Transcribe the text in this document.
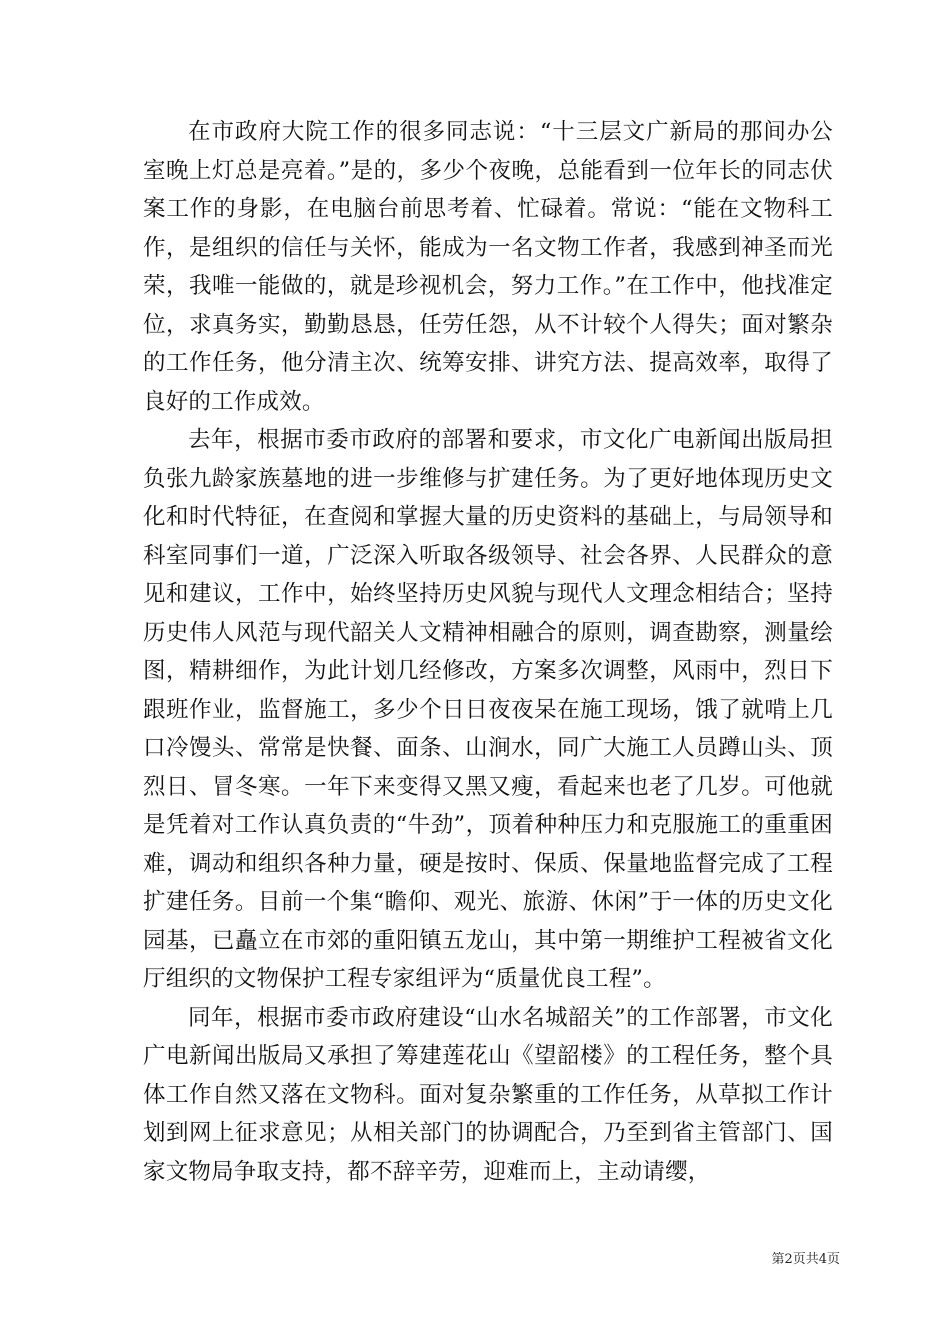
在市政府大院工作的很多同志说：“十三层文广新局的那间办公室晚上灯总是亮着。”是的，多少个夜晚，总能看到一位年长的同志伏案工作的身影，在电脑台前思考着、忙碌着。常说：“能在文物科工作，是组织的信任与关怀，能成为一名文物工作者，我感到神圣而光荣，我唯一能做的，就是珍视机会，努力工作。”在工作中，他找准定位，求真务实，勤勤恳恳，任劳任怨，从不计较个人得失；面对繁杂的工作任务，他分清主次、统筹安排、讲究方法、提高效率，取得了良好的工作成效。

去年，根据市委市政府的部署和要求，市文化广电新闻出版局担负张九龄家族墓地的进一步维修与扩建任务。为了更好地体现历史文化和时代特征，在查阅和掌握大量的历史资料的基础上，与局领导和科室同事们一道，广泛深入听取各级领导、社会各界、人民群众的意见和建议，工作中，始终坚持历史风貌与现代人文理念相结合；坚持历史伟人风范与现代韶关人文精神相融合的原则，调查勘察，测量绘图，精耕细作，为此计划几经修改，方案多次调整，风雨中，烈日下跟班作业，监督施工，多少个日日夜夜呆在施工现场，饿了就啃上几口冷馒头、常常是快餐、面条、山涧水，同广大施工人员蹲山头、顶烈日、冒冬寒。一年下来变得又黑又瘦，看起来也老了几岁。可他就是凭着对工作认真负责的“牛劲”，顶着种种压力和克服施工的重重困难，调动和组织各种力量，硬是按时、保质、保量地监督完成了工程扩建任务。目前一个集“瞻仰、观光、旅游、休闲”于一体的历史文化园基，已矗立在市郊的重阳镇五龙山，其中第一期维护工程被省文化厅组织的文物保护工程专家组评为“质量优良工程”。

同年，根据市委市政府建设“山水名城韶关”的工作部署，市文化广电新闻出版局又承担了筹建莲花山《望韶楼》的工程任务，整个具体工作自然又落在文物科。面对复杂繁重的工作任务，从草拟工作计划到网上征求意见；从相关部门的协调配合，乃至到省主管部门、国家文物局争取支持，都不辞辛劳，迎难而上，主动请缨，

第2页共4页
